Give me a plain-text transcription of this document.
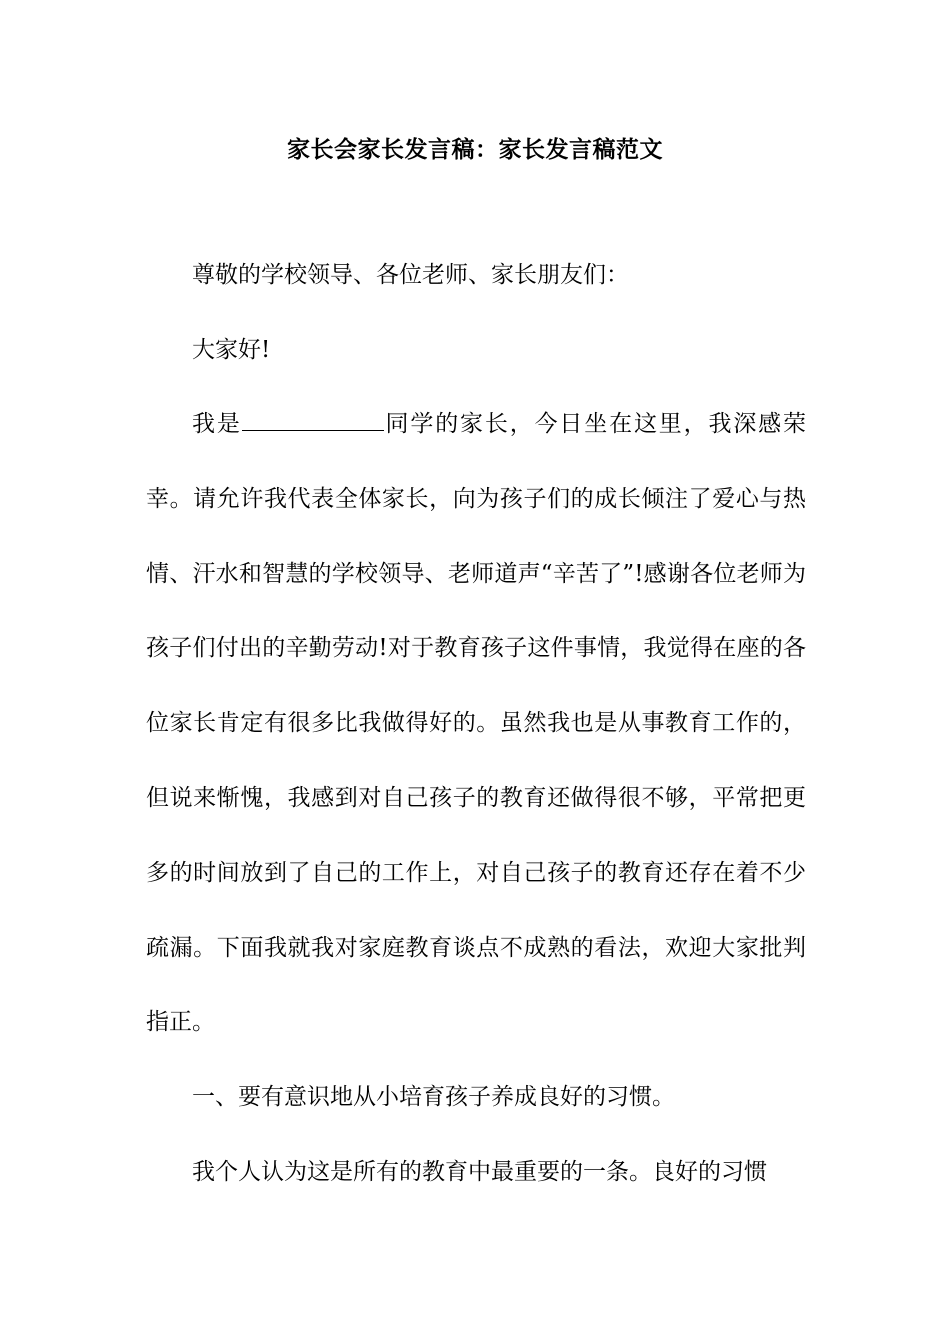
家长会家长发言稿：家长发言稿范文

尊敬的学校领导、各位老师、家长朋友们：

大家好!

我是	同学的家长，今日坐在这里，我深感荣幸。请允许我代表全体家长，向为孩子们的成长倾注了爱心与热情、汗水和智慧的学校领导、老师道声“辛苦了”!感谢各位老师为孩子们付出的辛勤劳动!对于教育孩子这件事情，我觉得在座的各位家长肯定有很多比我做得好的。虽然我也是从事教育工作的，但说来惭愧，我感到对自己孩子的教育还做得很不够，平常把更多的时间放到了自己的工作上，对自己孩子的教育还存在着不少疏漏。下面我就我对家庭教育谈点不成熟的看法，欢迎大家批判指正。

一、要有意识地从小培育孩子养成良好的习惯。

我个人认为这是所有的教育中最重要的一条。良好的习惯
